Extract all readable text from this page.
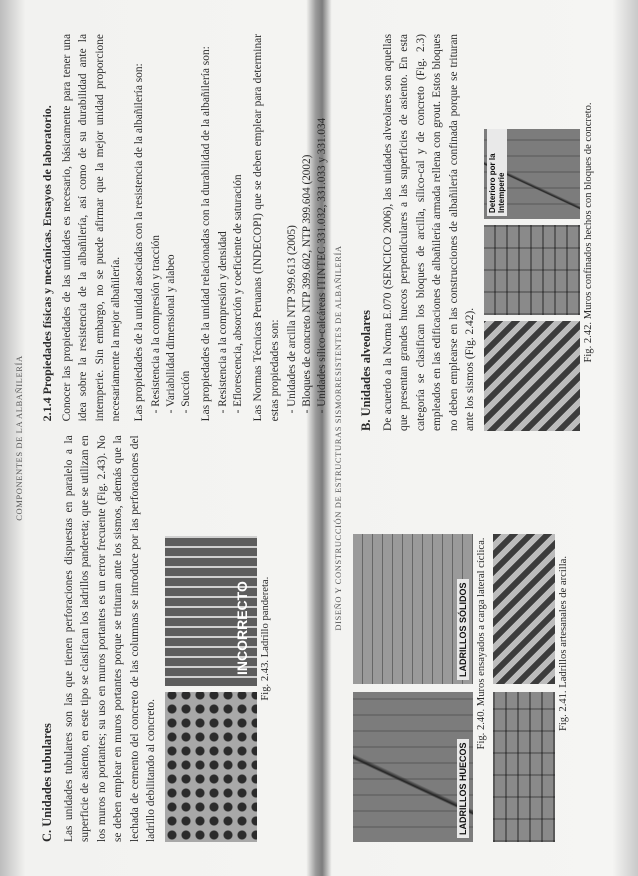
COMPONENTES DE LA ALBAÑILERÍA
C. Unidades tubulares Las unidades tubulares son las que tienen perforaciones dispuestas en paralelo a la superficie de asiento, en este tipo se clasifican los ladrillos pandereta; que se utilizan en los muros no portantes; su uso en muros portantes es un error frecuente (Fig. 2.43). No se deben emplear en muros portantes porque se trituran ante los sismos, además que la lechada de cemento del concreto de las columnas se introduce por las perforaciones del ladrillo debilitando al concreto.
INCORRECTO Fig. 2.43. Ladrillo pandereta.
2.1.4 Propiedades físicas y mecánicas. Ensayos de laboratorio. Conocer las propiedades de las unidades es necesario, básicamente para tener una idea sobre la resistencia de la albañilería, así como de su durabilidad ante la intemperie. Sin embargo, no se puede afirmar que la mejor unidad proporcione necesariamente la mejor albañilería. Las propiedades de la unidad asociadas con la resistencia de la albañilería son: - Resistencia a la compresión y tracción - Variabilidad dimensional y alabeo - Succión Las propiedades de la unidad relacionadas con la durabilidad de la albañilería son: - Resistencia a la compresión y densidad - Eflorescencia, absorción y coeficiente de saturación Las Normas Técnicas Peruanas (INDECOPI) que se deben emplear para determinar estas propiedades son: - Unidades de arcilla NTP 399.613 (2005) - Bloques de concreto NTP 399.602, NTP 399.604 (2002) - Unidades sílico-calcáreas ITINTEC 331.032, 331.033 y 331.034 DISEÑO Y CONSTRUCCIÓN DE ESTRUCTURAS SISMORRESISTENTES DE ALBAÑILERÍA
LADRILLOS HUECOS
LADRILLOS SÓLIDOS Fig. 2.40. Muros ensayados a carga lateral cíclica.	Fig. 2.41. Ladrillos artesanales de arcilla.
B. Unidades alveolares De acuerdo a la Norma E.070 (SENCICO 2006), las unidades alveolares son aquellas que presentan grandes huecos perpendiculares a las superficies de asiento. En esta categoría se clasifican los bloques de arcilla, sílico-cal y de concreto (Fig. 2.3) empleados en las edificaciones de albañilería armada rellena con grout. Estos bloques no deben emplearse en las construcciones de albañilería confinada porque se trituran ante los sismos (Fig. 2.42).
Deterioro por la Intemperie	Fig. 2.42. Muros confinados hechos con bloques de concreto.
